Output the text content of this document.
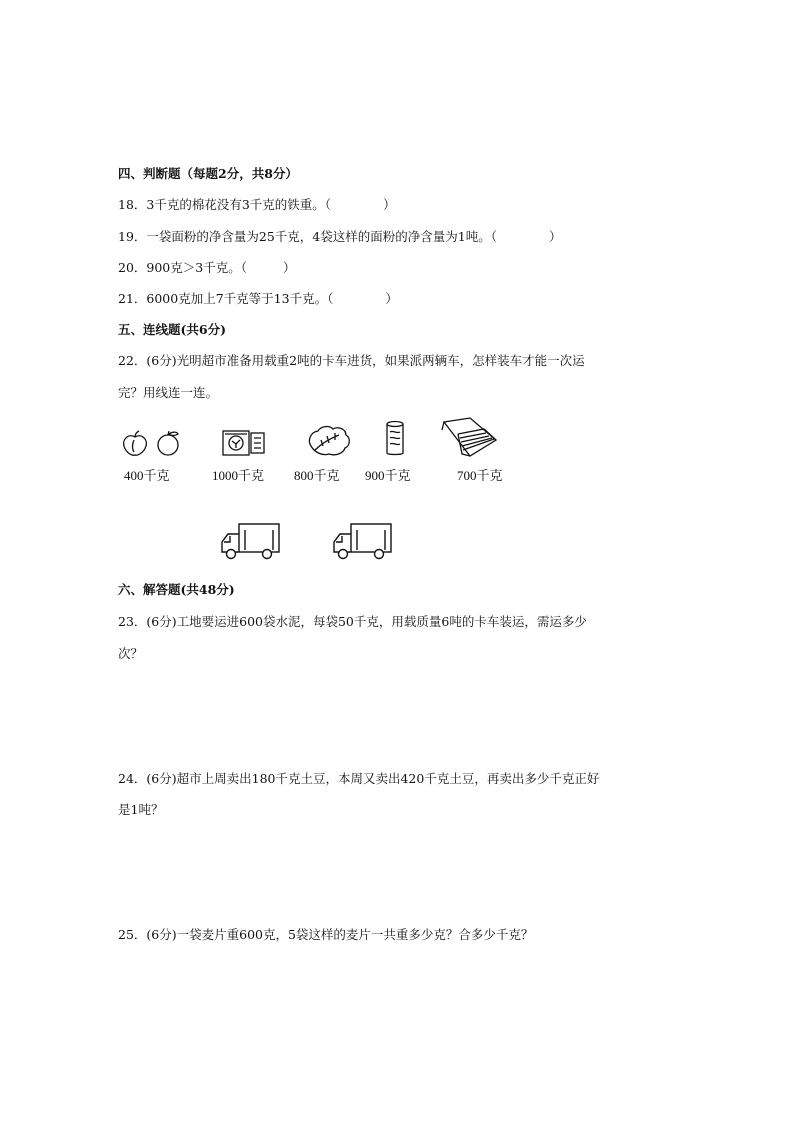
四、判断题（每题2分，共8分）
18．3千克的棉花没有3千克的铁重。（	）
19．一袋面粉的净含量为25千克，4袋这样的面粉的净含量为1吨。（	）
20．900克＞3千克。（	）
21．6000克加上7千克等于13千克。（	）
五、连线题(共6分)
22．(6分)光明超市准备用载重2吨的卡车进货，如果派两辆车，怎样装车才能一次运
完？用线连一连。
400千克	1000千克 800千克 900千克	700千克
六、解答题(共48分)
23．(6分)工地要运进600袋水泥，每袋50千克，用载质量6吨的卡车装运，需运多少
次？
24．(6分)超市上周卖出180千克土豆，本周又卖出420千克土豆，再卖出多少千克正好
是1吨？
25．(6分)一袋麦片重600克，5袋这样的麦片一共重多少克？合多少千克？
